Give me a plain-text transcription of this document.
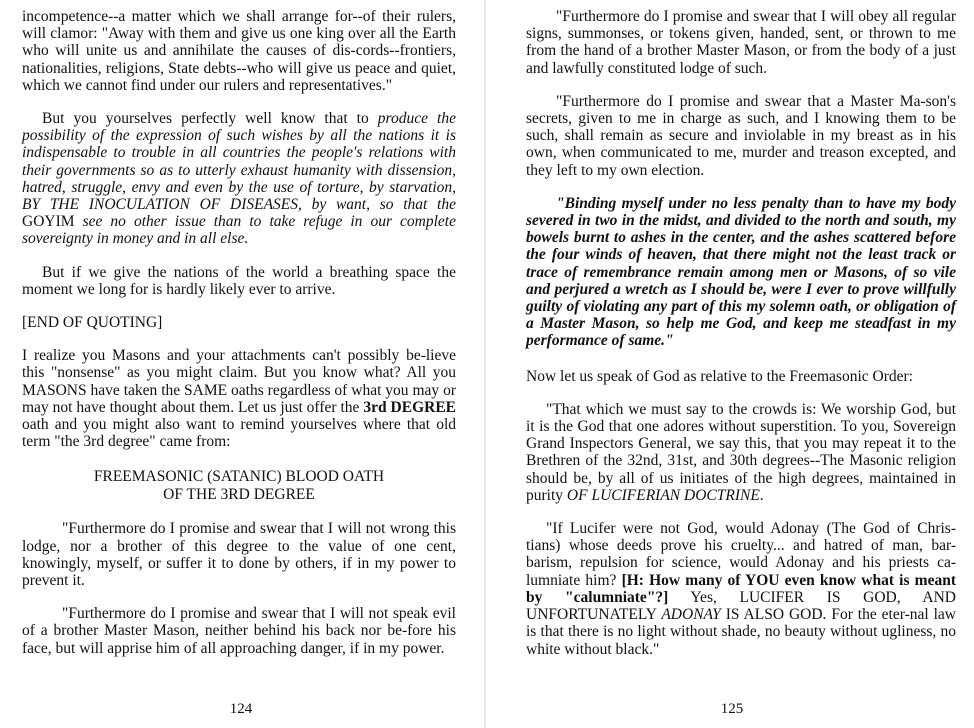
incompetence--a matter which we shall arrange for--of their rulers, will clamor: "Away with them and give us one king over all the Earth who will unite us and annihilate the causes of dis-cords--frontiers, nationalities, religions, State debts--who will give us peace and quiet, which we cannot find under our rulers and representatives."

But you yourselves perfectly well know that to produce the possibility of the expression of such wishes by all the nations it is indispensable to trouble in all countries the people's relations with their governments so as to utterly exhaust humanity with dissension, hatred, struggle, envy and even by the use of torture, by starvation, BY THE INOCULATION OF DISEASES, by want, so that the GOYIM see no other issue than to take refuge in our complete sovereignty in money and in all else.

But if we give the nations of the world a breathing space the moment we long for is hardly likely ever to arrive.

[END OF QUOTING]

I realize you Masons and your attachments can't possibly be-lieve this "nonsense" as you might claim. But you know what? All you MASONS have taken the SAME oaths regardless of what you may or may not have thought about them. Let us just offer the 3rd DEGREE oath and you might also want to remind yourselves where that old term "the 3rd degree" came from:

FREEMASONIC (SATANIC) BLOOD OATH
OF THE 3RD DEGREE

"Furthermore do I promise and swear that I will not wrong this lodge, nor a brother of this degree to the value of one cent, knowingly, myself, or suffer it to done by others, if in my power to prevent it.

"Furthermore do I promise and swear that I will not speak evil of a brother Master Mason, neither behind his back nor be-fore his face, but will apprise him of all approaching danger, if in my power.

124

"Furthermore do I promise and swear that I will obey all regular signs, summonses, or tokens given, handed, sent, or thrown to me from the hand of a brother Master Mason, or from the body of a just and lawfully constituted lodge of such.

"Furthermore do I promise and swear that a Master Ma-son's secrets, given to me in charge as such, and I knowing them to be such, shall remain as secure and inviolable in my breast as in his own, when communicated to me, murder and treason excepted, and they left to my own election.

"Binding myself under no less penalty than to have my body severed in two in the midst, and divided to the north and south, my bowels burnt to ashes in the center, and the ashes scattered before the four winds of heaven, that there might not the least track or trace of remembrance remain among men or Masons, of so vile and perjured a wretch as I should be, were I ever to prove willfully guilty of violating any part of this my solemn oath, or obligation of a Master Mason, so help me God, and keep me steadfast in my performance of same."

Now let us speak of God as relative to the Freemasonic Order:

"That which we must say to the crowds is: We worship God, but it is the God that one adores without superstition. To you, Sovereign Grand Inspectors General, we say this, that you may repeat it to the Brethren of the 32nd, 31st, and 30th degrees--The Masonic religion should be, by all of us initiates of the high degrees, maintained in purity OF LUCIFERIAN DOCTRINE.

"If Lucifer were not God, would Adonay (The God of Chris-tians) whose deeds prove his cruelty... and hatred of man, bar-barism, repulsion for science, would Adonay and his priests ca-lumniate him? [H: How many of YOU even know what is meant by "calumniate"?] Yes, LUCIFER IS GOD, AND UNFORTUNATELY ADONAY IS ALSO GOD. For the eter-nal law is that there is no light without shade, no beauty without ugliness, no white without black."

125
